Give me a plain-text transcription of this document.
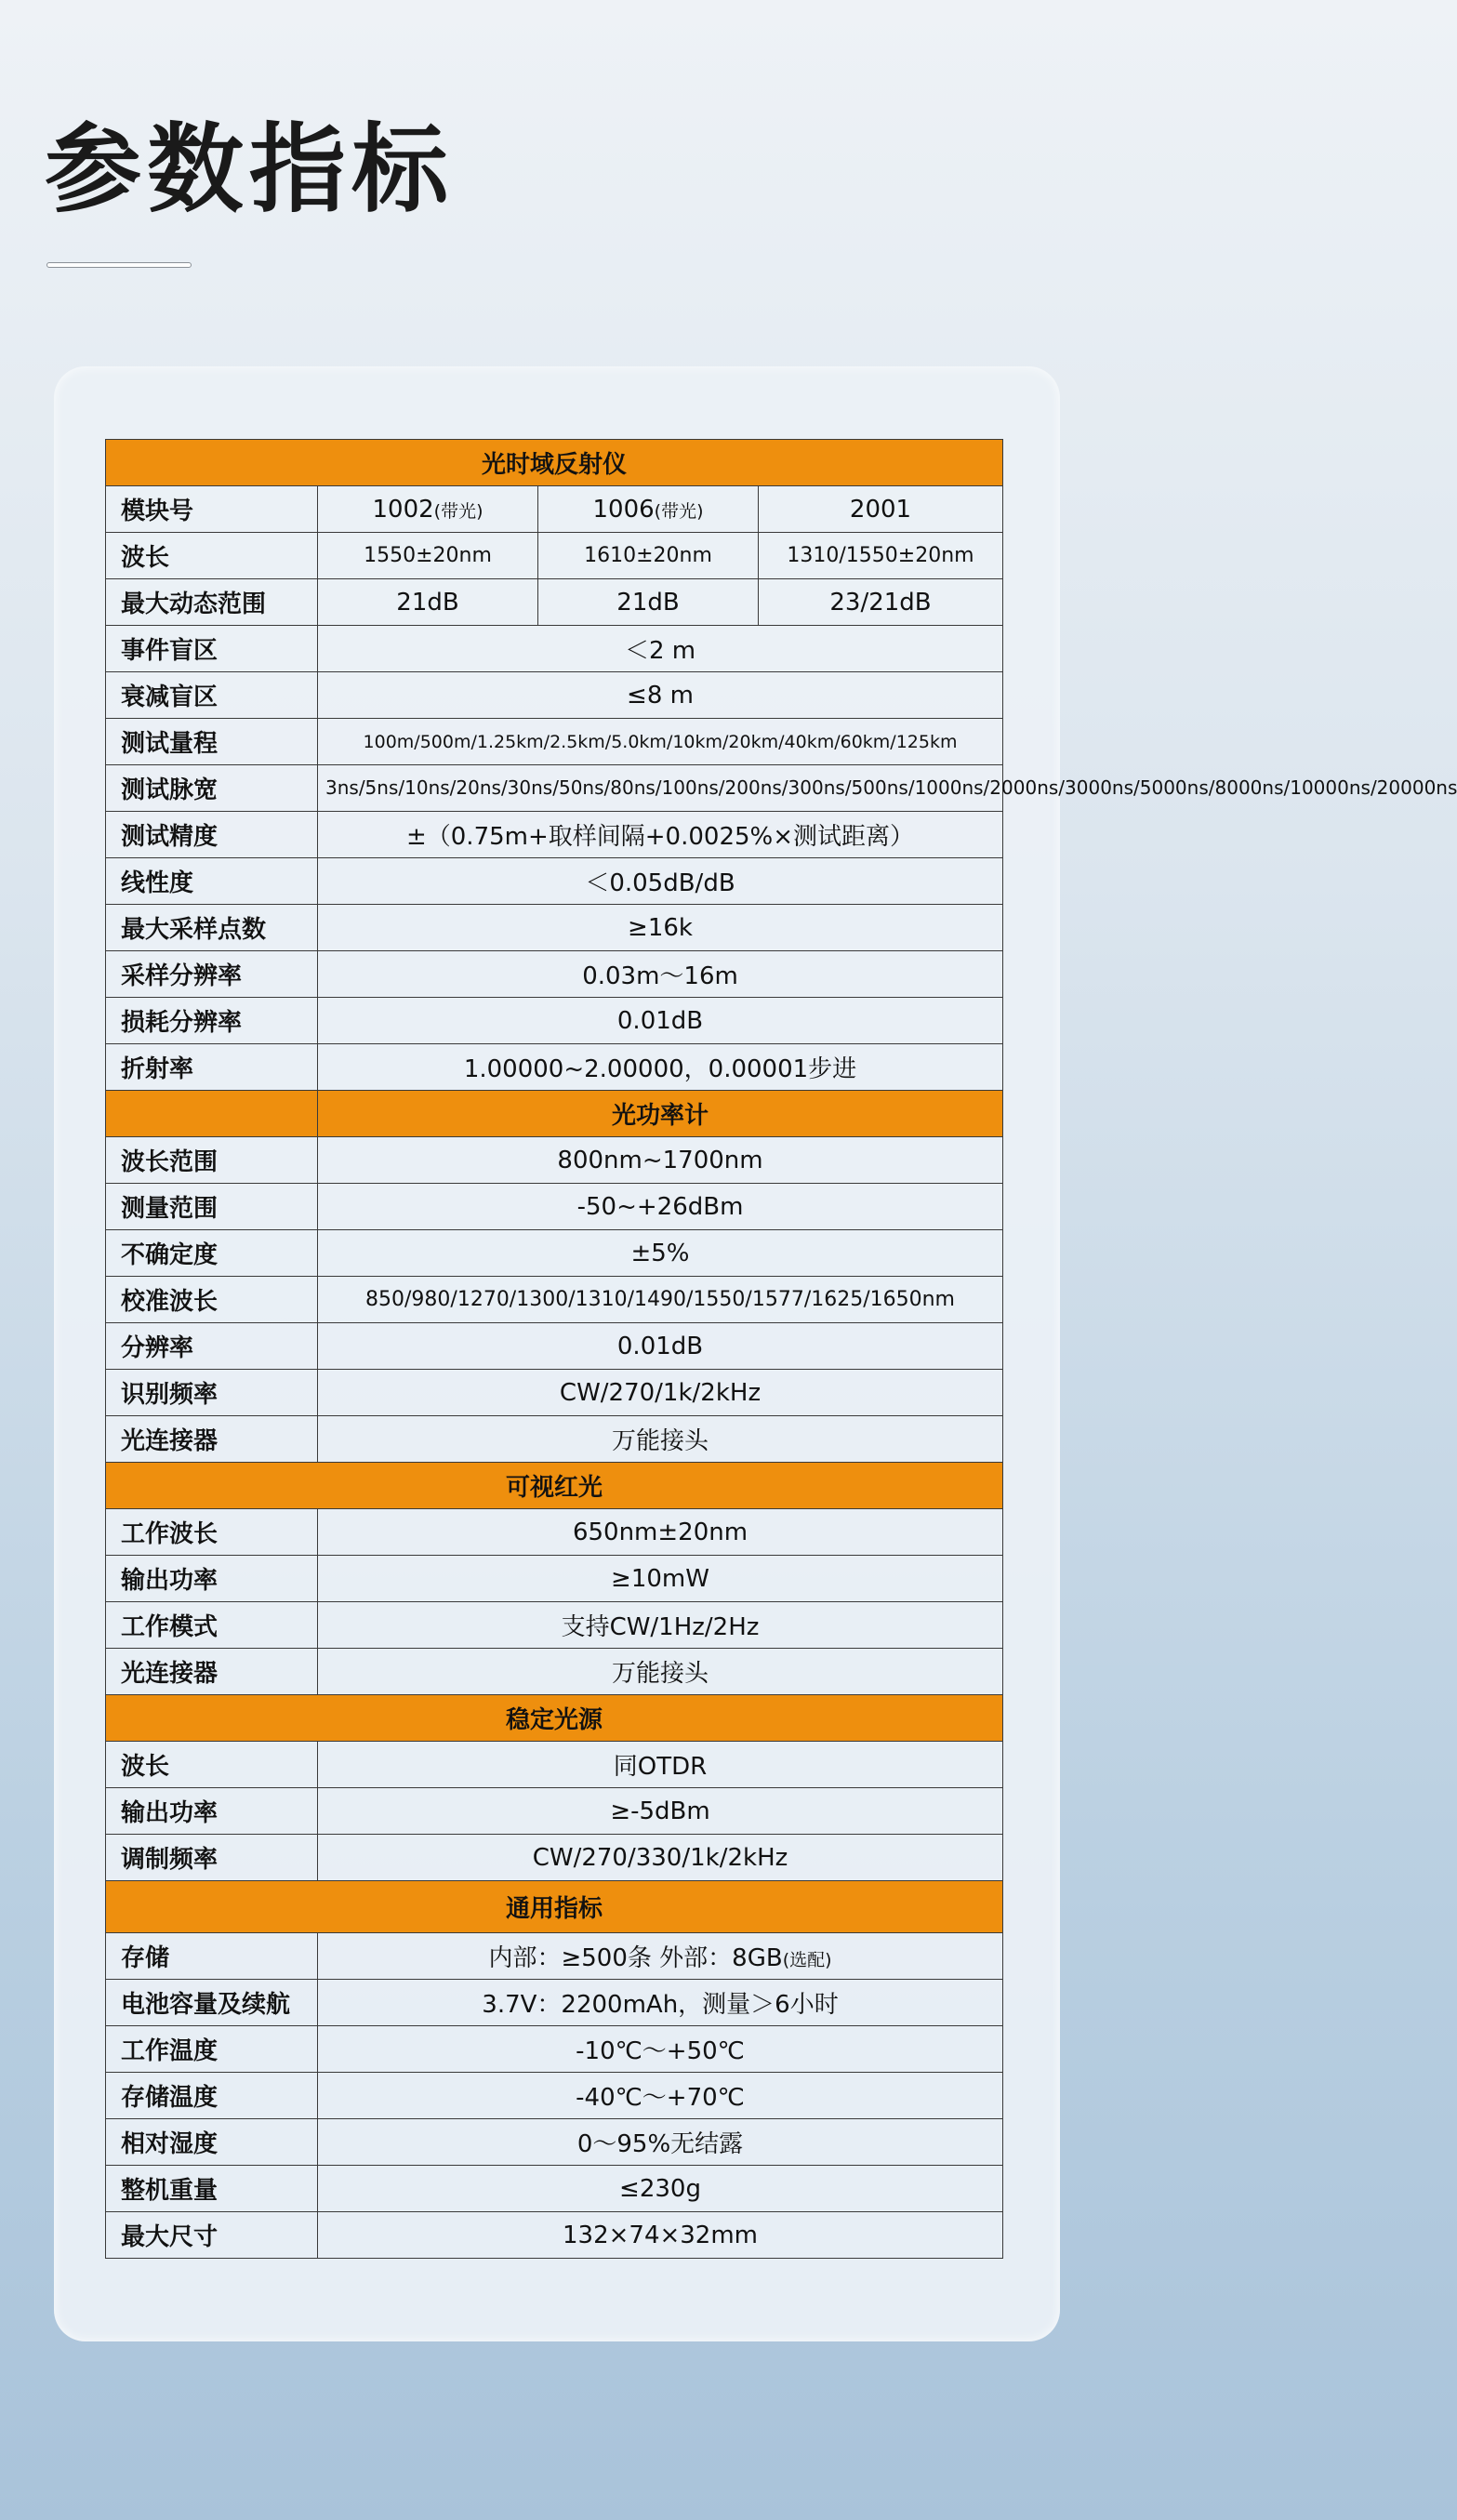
参数指标
光时域反射仪			
模块号	1002(带光)	1006(带光)	2001
波长	1550±20nm	1610±20nm	1310/1550±20nm
最大动态范围	21dB	21dB	23/21dB
事件盲区	＜2 m		
衰减盲区	≤8 m		
测试量程	100m/500m/1.25km/2.5km/5.0km/10km/20km/40km/60km/125km		
测试脉宽	3ns/5ns/10ns/20ns/30ns/50ns/80ns/100ns/200ns/300ns/500ns/1000ns/2000ns/3000ns/5000ns/8000ns/10000ns/20000ns		
测试精度	±（0.75m+取样间隔+0.0025%×测试距离）		
线性度	＜0.05dB/dB		
最大采样点数	≥16k		
采样分辨率	0.03m～16m		
损耗分辨率	0.01dB		
折射率	1.00000~2.00000，0.00001步进		
	光功率计		
波长范围	800nm~1700nm		
测量范围	-50~+26dBm		
不确定度	±5%		
校准波长	850/980/1270/1300/1310/1490/1550/1577/1625/1650nm		
分辨率	0.01dB		
识别频率	CW/270/1k/2kHz		
光连接器	万能接头		
可视红光			
工作波长	650nm±20nm		
输出功率	≥10mW		
工作模式	支持CW/1Hz/2Hz		
光连接器	万能接头		
稳定光源			
波长	同OTDR		
输出功率	≥-5dBm		
调制频率	CW/270/330/1k/2kHz		
通用指标			
存储	内部：≥500条 外部：8GB(选配)		
电池容量及续航	3.7V：2200mAh，测量＞6小时		
工作温度	-10℃～+50℃		
存储温度	-40℃～+70℃		
相对湿度	0～95%无结露		
整机重量	≤230g		
最大尺寸	132×74×32mm		
